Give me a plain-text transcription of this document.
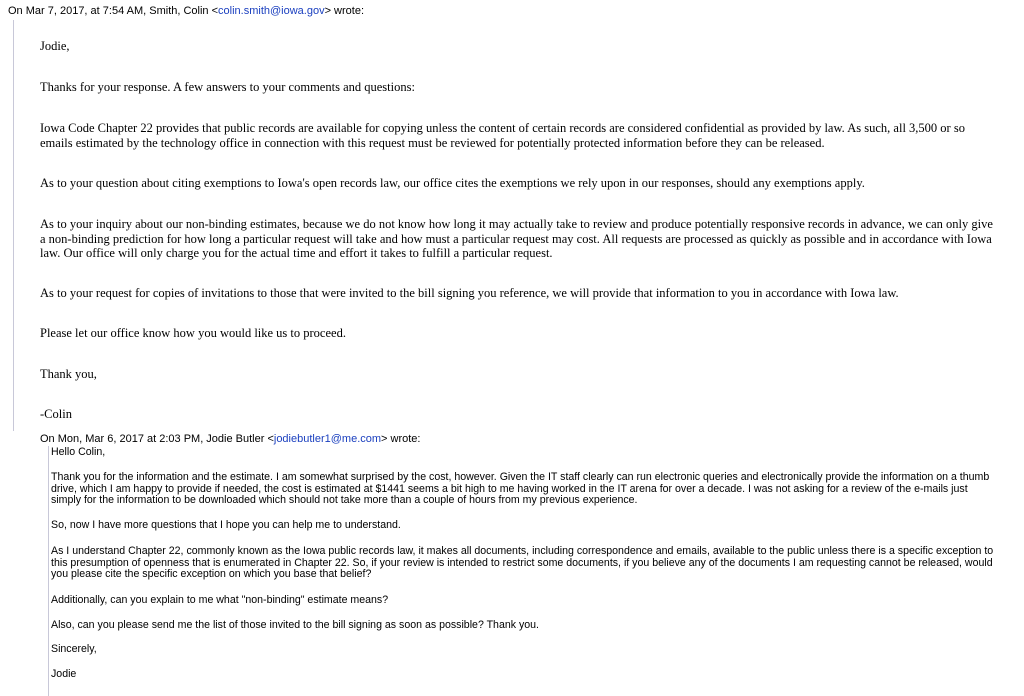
On Mar 7, 2017, at 7:54 AM, Smith, Colin <colin.smith@iowa.gov> wrote:

Jodie,

Thanks for your response. A few answers to your comments and questions:

Iowa Code Chapter 22 provides that public records are available for copying unless the content of certain records are considered confidential as provided by law. As such, all 3,500 or so emails estimated by the technology office in connection with this request must be reviewed for potentially protected information before they can be released.

As to your question about citing exemptions to Iowa's open records law, our office cites the exemptions we rely upon in our responses, should any exemptions apply.

As to your inquiry about our non-binding estimates, because we do not know how long it may actually take to review and produce potentially responsive records in advance, we can only give a non-binding prediction for how long a particular request will take and how must a particular request may cost. All requests are processed as quickly as possible and in accordance with Iowa law. Our office will only charge you for the actual time and effort it takes to fulfill a particular request.

As to your request for copies of invitations to those that were invited to the bill signing you reference, we will provide that information to you in accordance with Iowa law.

Please let our office know how you would like us to proceed.

Thank you,

-Colin

On Mon, Mar 6, 2017 at 2:03 PM, Jodie Butler <jodiebutler1@me.com> wrote:

Hello Colin,

Thank you for the information and the estimate. I am somewhat surprised by the cost, however. Given the IT staff clearly can run electronic queries and electronically provide the information on a thumb drive, which I am happy to provide if needed, the cost is estimated at $1441 seems a bit high to me having worked in the IT arena for over a decade. I was not asking for a review of the e-mails just simply for the information to be downloaded which should not take more than a couple of hours from my previous experience.

So, now I have more questions that I hope you can help me to understand.

As I understand Chapter 22, commonly known as the Iowa public records law, it makes all documents, including correspondence and emails, available to the public unless there is a specific exception to this presumption of openness that is enumerated in Chapter 22. So, if your review is intended to restrict some documents, if you believe any of the documents I am requesting cannot be released, would you please cite the specific exception on which you base that belief?

Additionally, can you explain to me what "non-binding" estimate means?

Also, can you please send me the list of those invited to the bill signing as soon as possible? Thank you.

Sincerely,

Jodie
